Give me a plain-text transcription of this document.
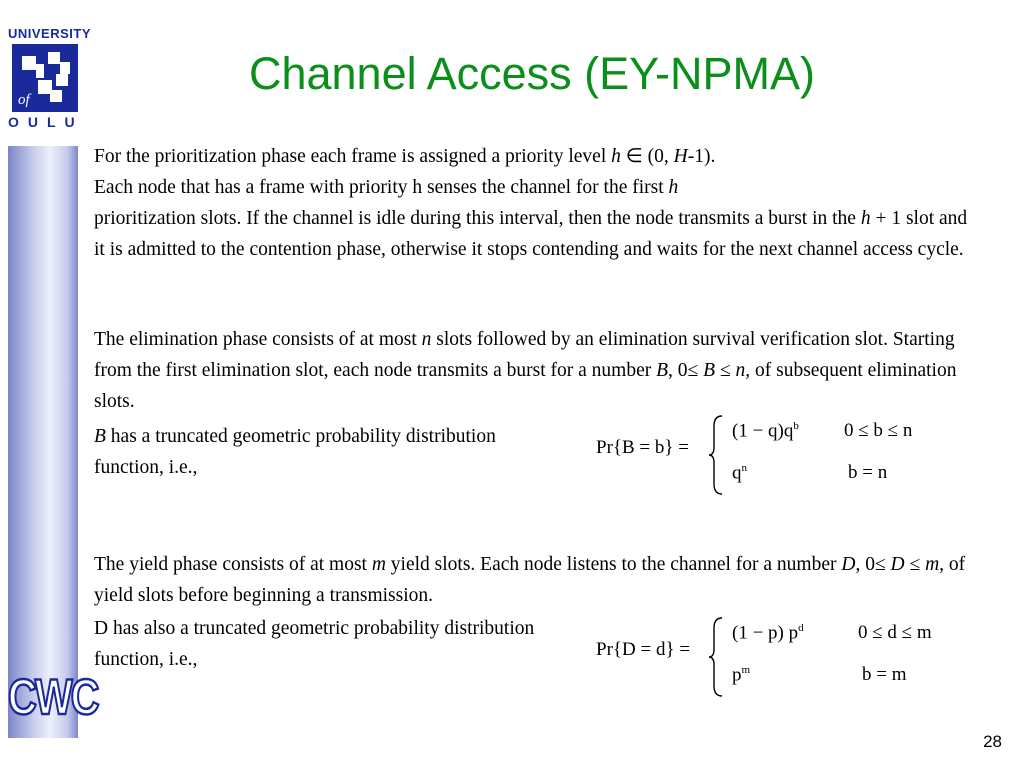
UNIVERSITY
of
OULU
CWC
Channel Access (EY-NPMA)
For the prioritization phase each frame is assigned a priority level h ∈ (0, H-1).
Each node that has a frame with priority h senses the channel for the first h
prioritization slots. If the channel is idle during this interval, then the node transmits a burst in the h + 1 slot and it is admitted to the contention phase, otherwise it stops contending and waits for the next channel access cycle.
The elimination phase consists of at most n slots followed by an elimination survival verification slot. Starting from the first elimination slot, each node transmits a burst for a number B, 0≤ B ≤ n, of subsequent elimination slots.
B has a truncated geometric probability distribution function, i.e.,
Pr{B = b} =
$(1 - q)q^b$ 0 ≤ b ≤ n
$q^n$	b = n
The yield phase consists of at most m yield slots. Each node listens to the channel for a number D, 0≤ D ≤ m, of yield slots before beginning a transmission.
D has also a truncated geometric probability distribution function, i.e.,	Pr{D = d} =
(1 − p) $p^d$	0 ≤ d ≤ m
$p^m$	b = m
28
